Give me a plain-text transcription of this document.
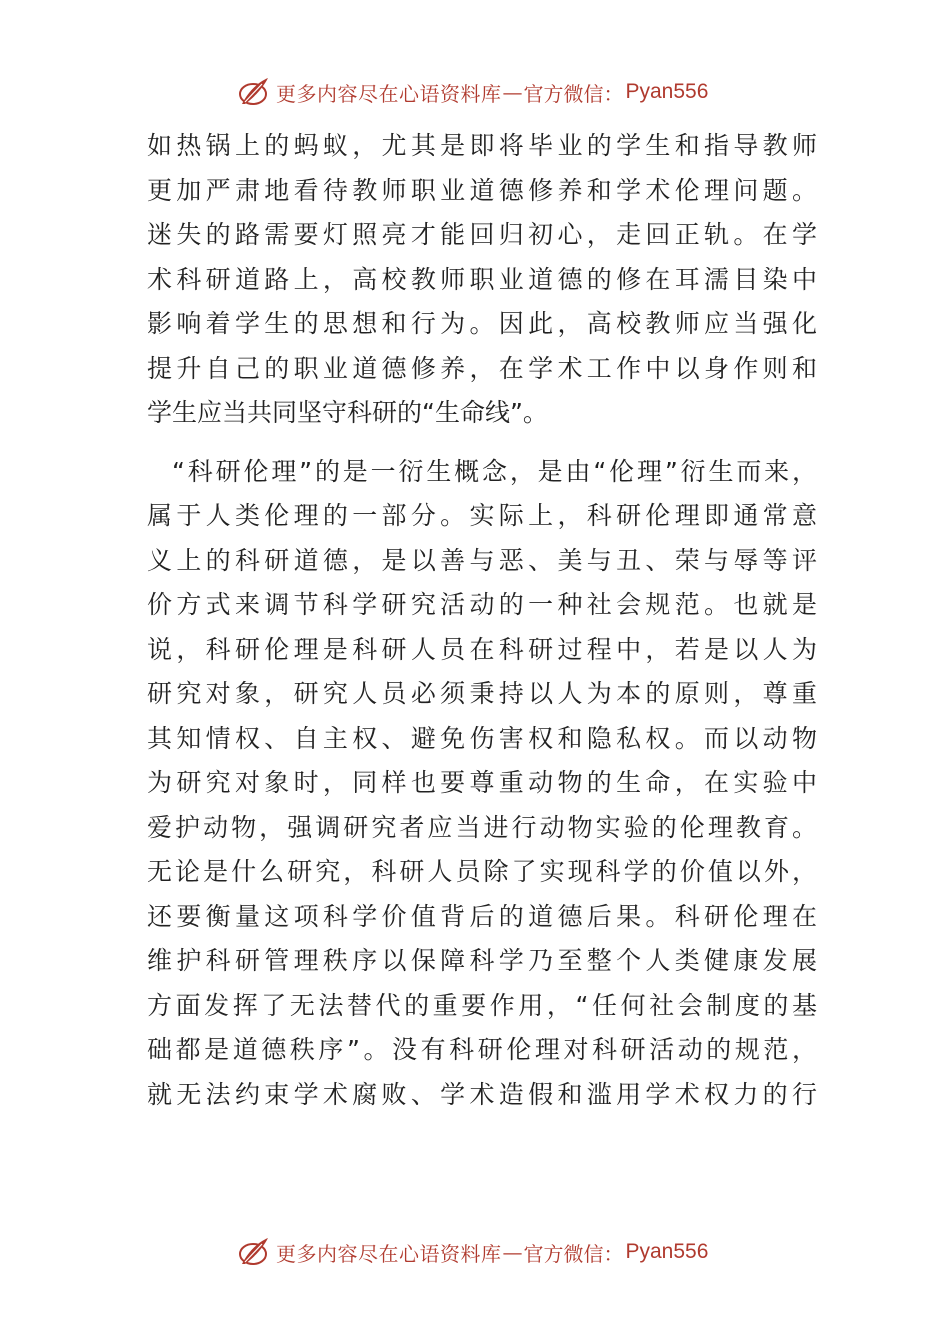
更多内容尽在心语资料库 — 官方微信： Pyan556
如热锅上的蚂蚁，尤其是即将毕业的学生和指导教师
更加严肃地看待教师职业道德修养和学术伦理问题。
迷失的路需要灯照亮才能回归初心，走回正轨。在学
术科研道路上，高校教师职业道德的修在耳濡目染中
影响着学生的思想和行为。因此，高校教师应当强化
提升自己的职业道德修养，在学术工作中以身作则和
学生应当共同坚守科研的“生命线”。
“科研伦理”的是一衍生概念，是由“伦理”衍生而来，
属于人类伦理的一部分。实际上，科研伦理即通常意
义上的科研道德，是以善与恶、美与丑、荣与辱等评
价方式来调节科学研究活动的一种社会规范。也就是
说，科研伦理是科研人员在科研过程中，若是以人为
研究对象，研究人员必须秉持以人为本的原则，尊重
其知情权、自主权、避免伤害权和隐私权。而以动物
为研究对象时，同样也要尊重动物的生命，在实验中
爱护动物，强调研究者应当进行动物实验的伦理教育。
无论是什么研究，科研人员除了实现科学的价值以外，
还要衡量这项科学价值背后的道德后果。科研伦理在
维护科研管理秩序以保障科学乃至整个人类健康发展
方面发挥了无法替代的重要作用，“任何社会制度的基
础都是道德秩序”。没有科研伦理对科研活动的规范，
就无法约束学术腐败、学术造假和滥用学术权力的行
更多内容尽在心语资料库 — 官方微信： Pyan556
